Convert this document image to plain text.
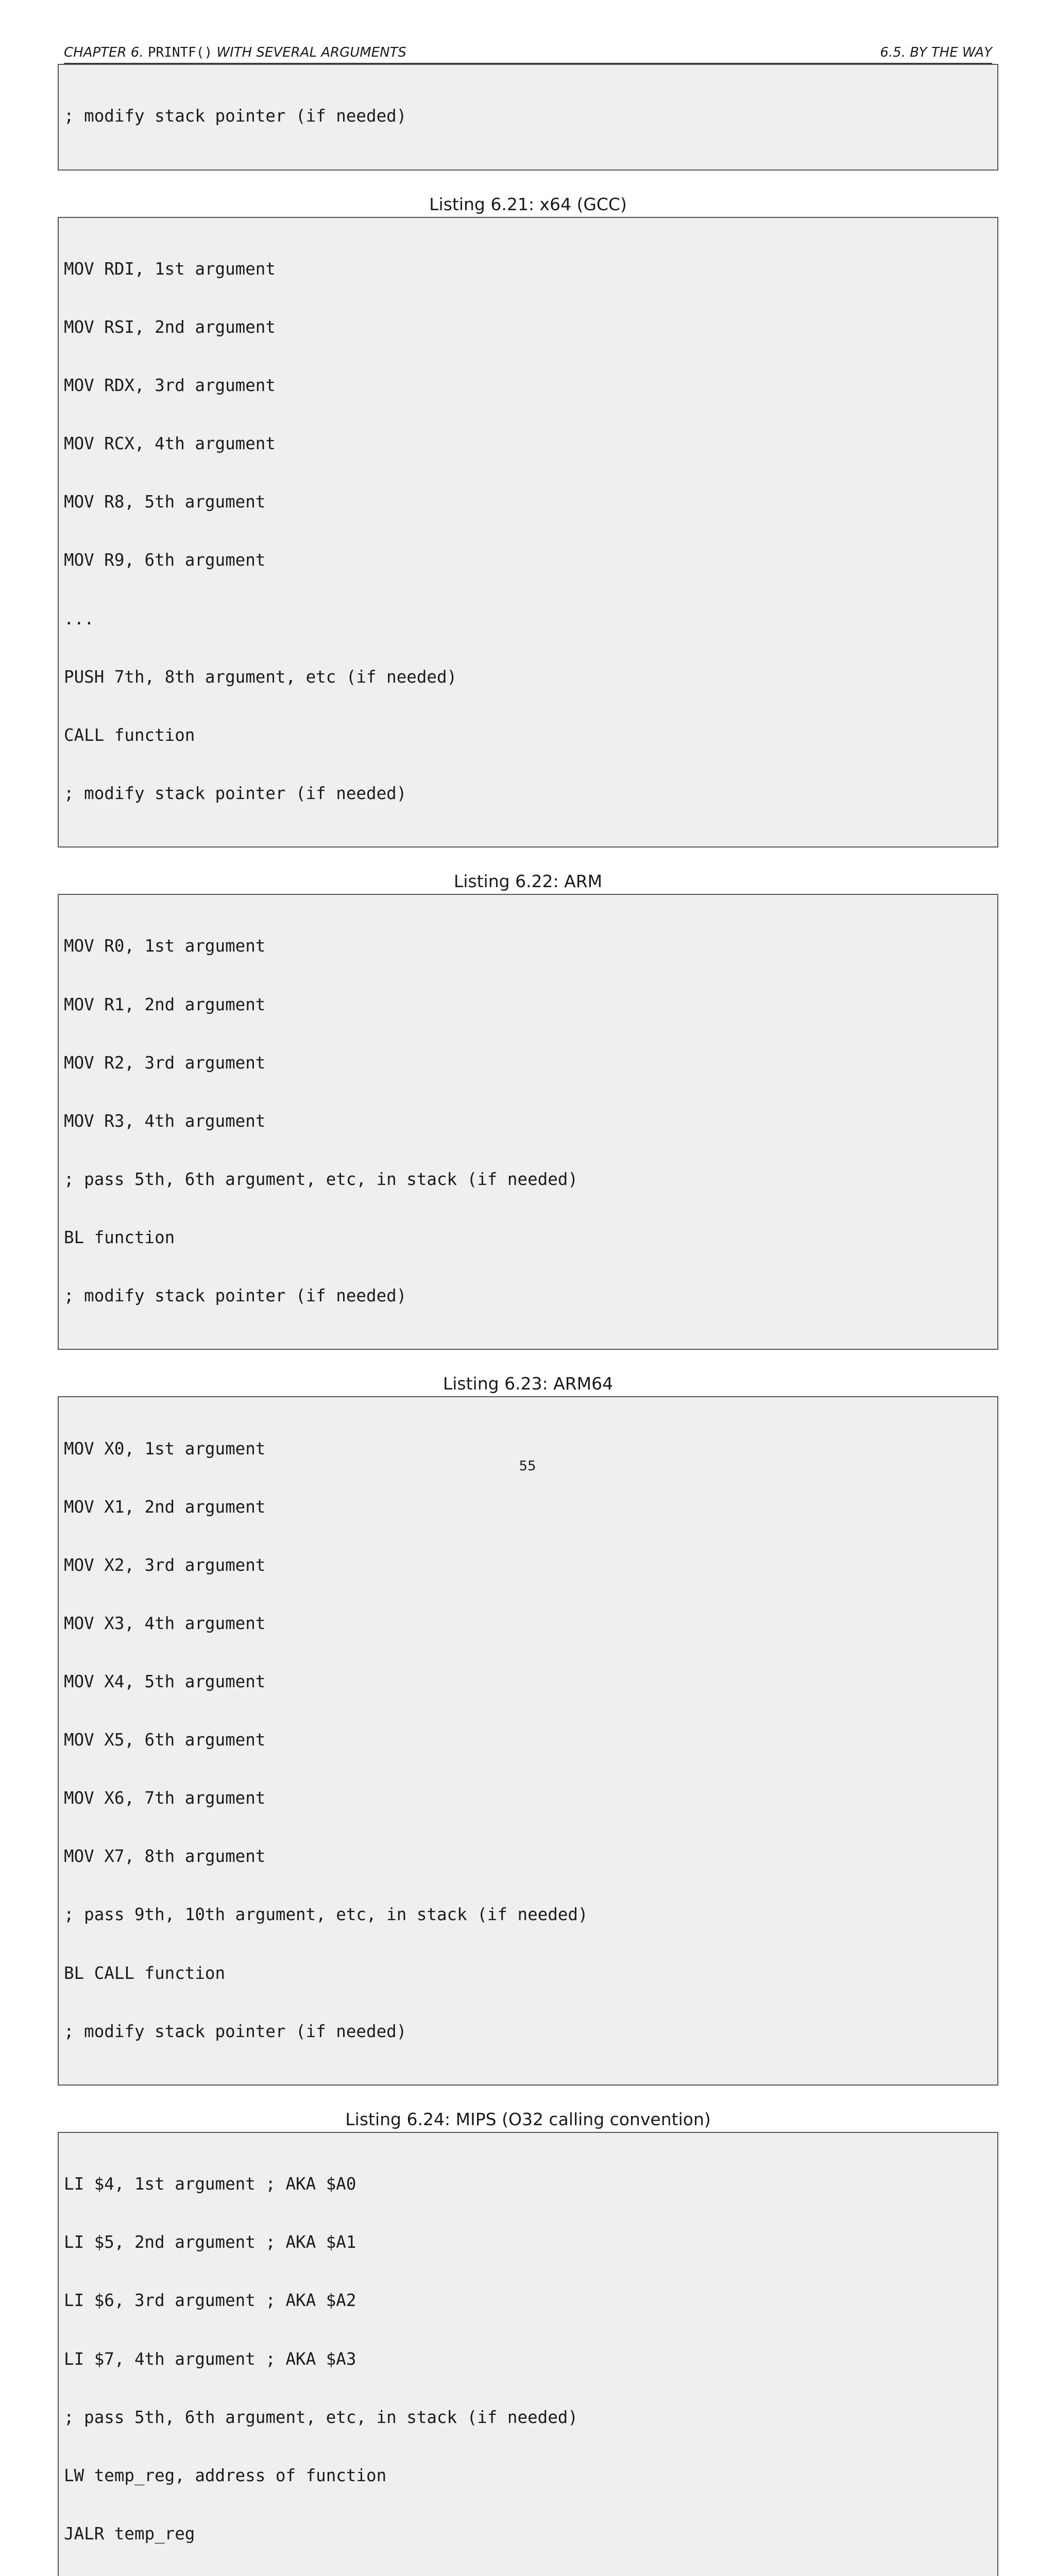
CHAPTER 6. PRINTF() WITH SEVERAL ARGUMENTS	6.5. BY THE WAY

; modify stack pointer (if needed)

Listing 6.21: x64 (GCC)

MOV RDI, 1st argument

MOV RSI, 2nd argument

MOV RDX, 3rd argument

MOV RCX, 4th argument

MOV R8, 5th argument

MOV R9, 6th argument

...

PUSH 7th, 8th argument, etc (if needed)

CALL function

; modify stack pointer (if needed)

Listing 6.22: ARM

MOV R0, 1st argument

MOV R1, 2nd argument

MOV R2, 3rd argument

MOV R3, 4th argument

; pass 5th, 6th argument, etc, in stack (if needed)

BL function

; modify stack pointer (if needed)

Listing 6.23: ARM64

MOV X0, 1st argument

MOV X1, 2nd argument

MOV X2, 3rd argument

MOV X3, 4th argument

MOV X4, 5th argument

MOV X5, 6th argument

MOV X6, 7th argument

MOV X7, 8th argument

; pass 9th, 10th argument, etc, in stack (if needed)

BL CALL function

; modify stack pointer (if needed)

Listing 6.24: MIPS (O32 calling convention)

LI $4, 1st argument ; AKA $A0

LI $5, 2nd argument ; AKA $A1

LI $6, 3rd argument ; AKA $A2

LI $7, 4th argument ; AKA $A3

; pass 5th, 6th argument, etc, in stack (if needed)

LW temp_reg, address of function

JALR temp_reg

55
